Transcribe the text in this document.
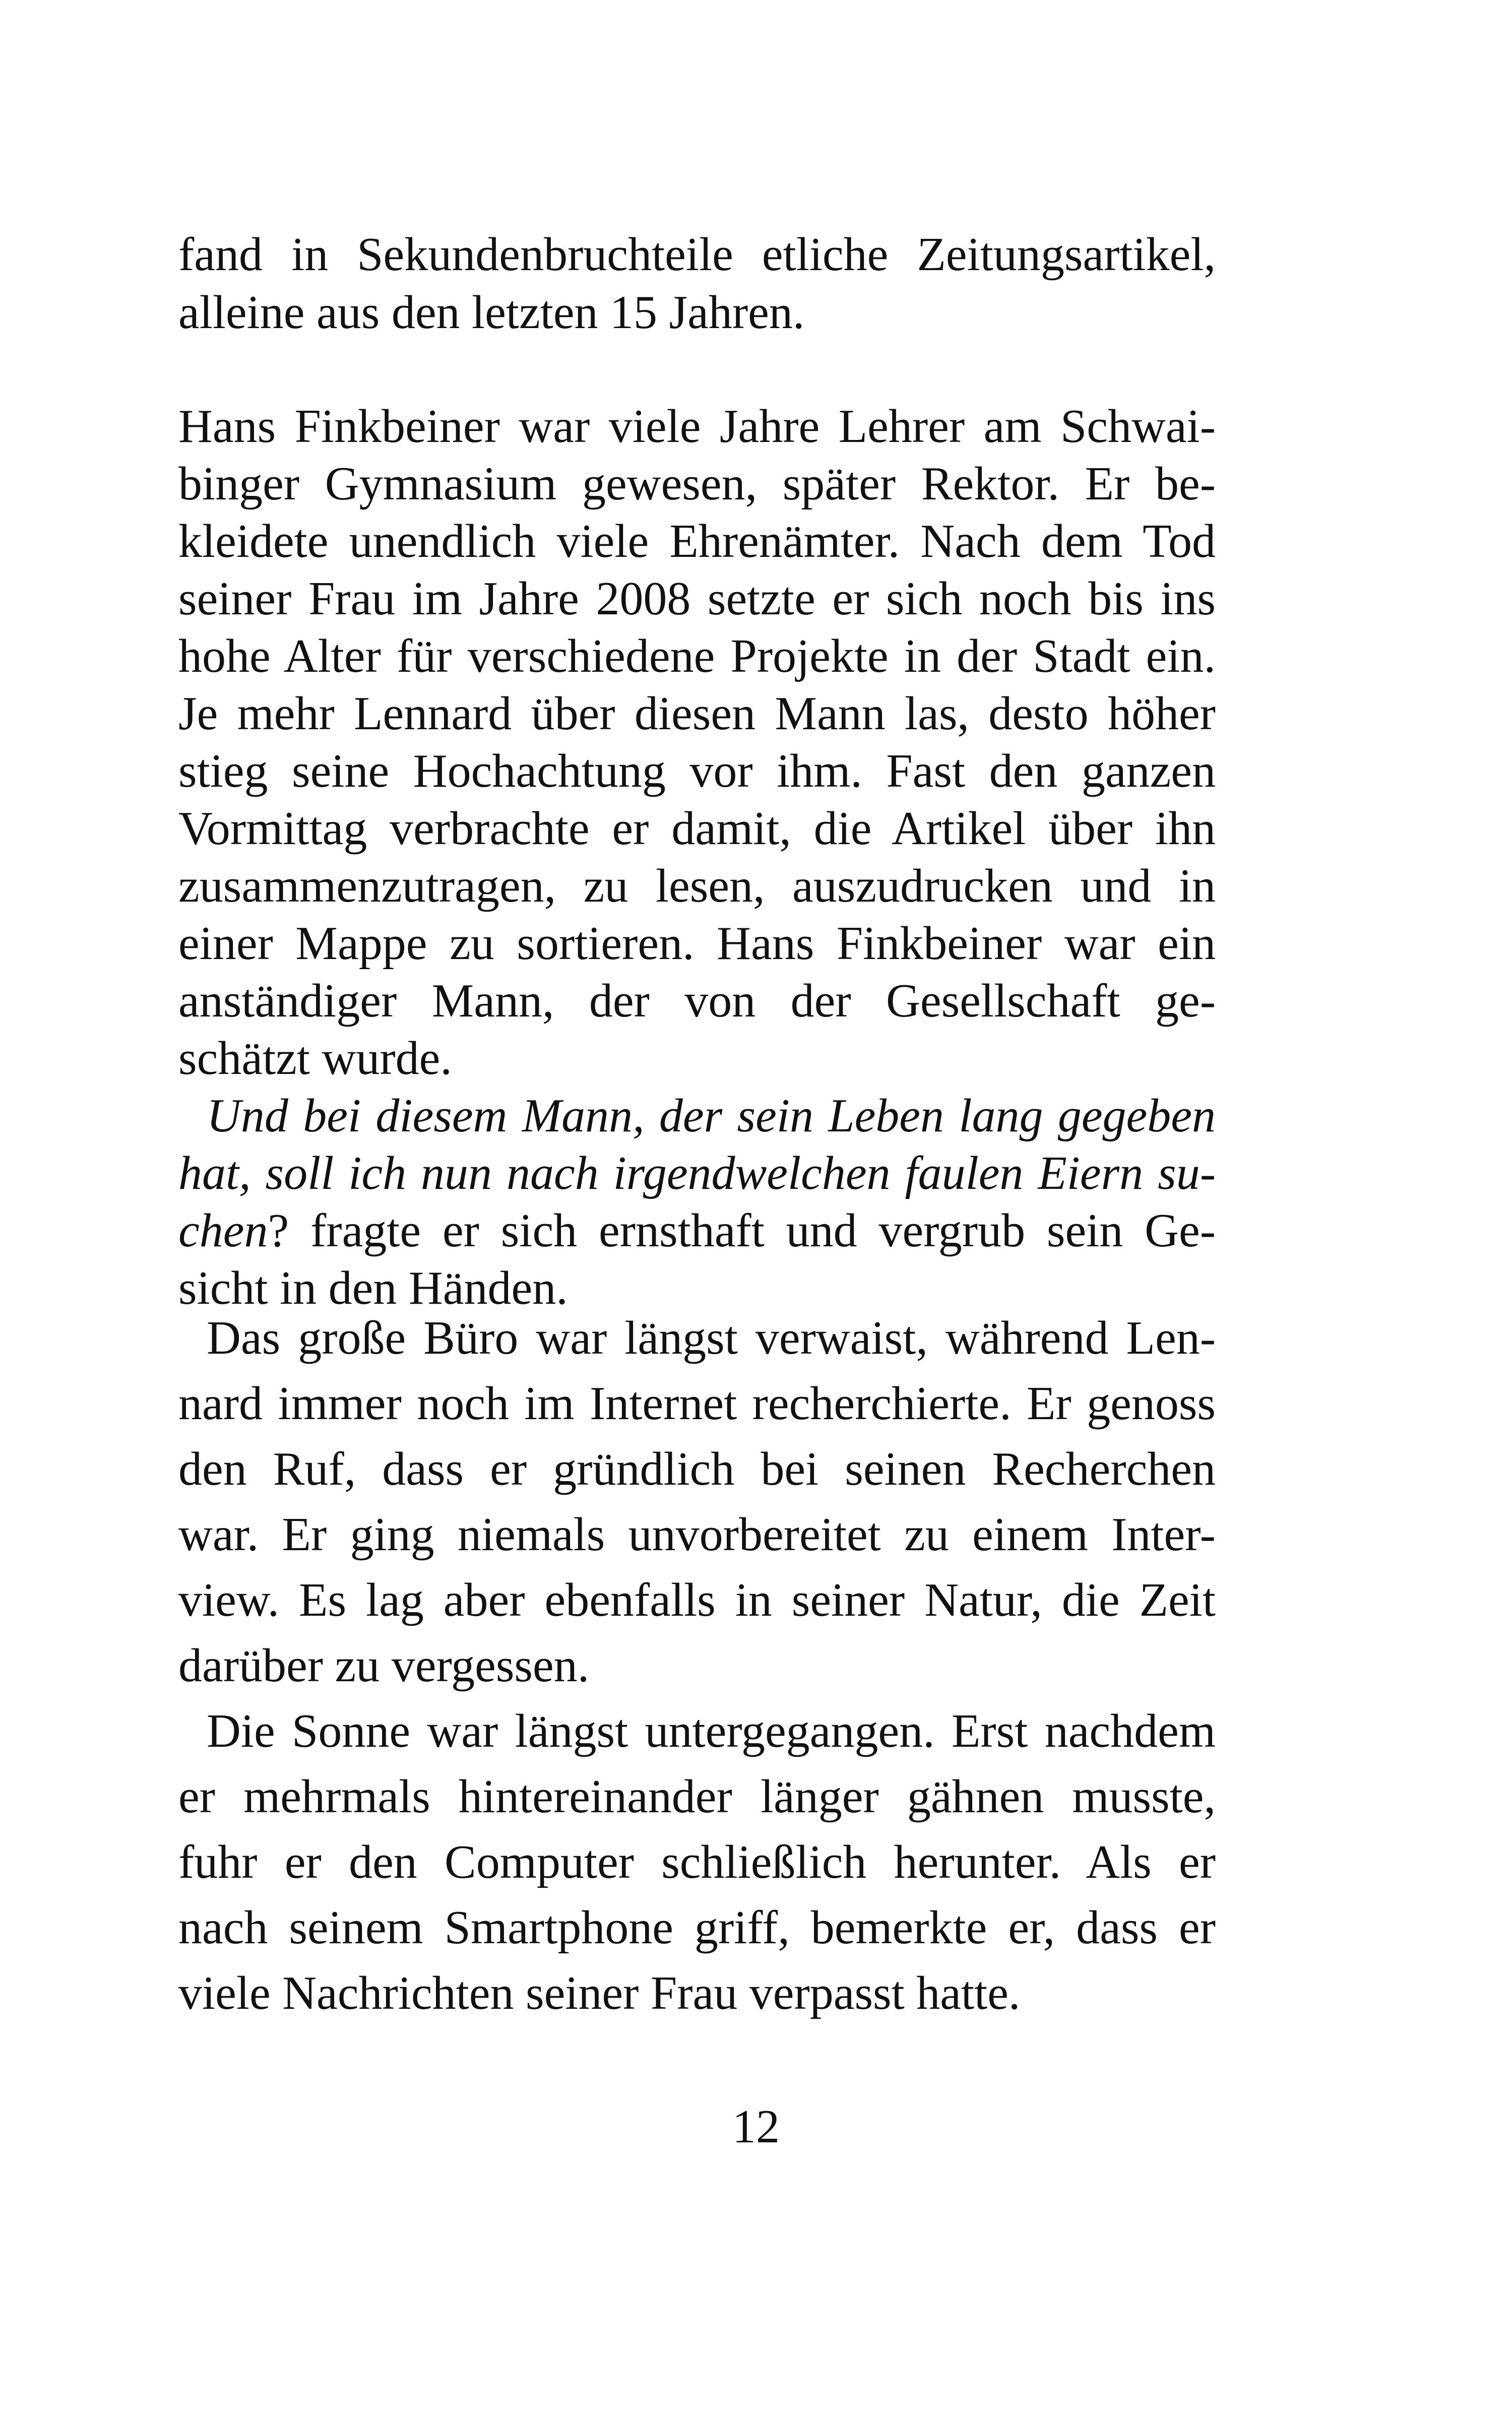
fand in Sekundenbruchteile etliche Zeitungsartikel,
alleine aus den letzten 15 Jahren.
Hans Finkbeiner war viele Jahre Lehrer am Schwai-
binger Gymnasium gewesen, später Rektor. Er be-
kleidete unendlich viele Ehrenämter. Nach dem Tod
seiner Frau im Jahre 2008 setzte er sich noch bis ins
hohe Alter für verschiedene Projekte in der Stadt ein.
Je mehr Lennard über diesen Mann las, desto höher
stieg seine Hochachtung vor ihm. Fast den ganzen
Vormittag verbrachte er damit, die Artikel über ihn
zusammenzutragen, zu lesen, auszudrucken und in
einer Mappe zu sortieren. Hans Finkbeiner war ein
anständiger Mann, der von der Gesellschaft ge-
schätzt wurde.
Und bei diesem Mann, der sein Leben lang gegeben
hat, soll ich nun nach irgendwelchen faulen Eiern su-
chen? fragte er sich ernsthaft und vergrub sein Ge-
sicht in den Händen.
Das große Büro war längst verwaist, während Len-
nard immer noch im Internet recherchierte. Er genoss
den Ruf, dass er gründlich bei seinen Recherchen
war. Er ging niemals unvorbereitet zu einem Inter-
view. Es lag aber ebenfalls in seiner Natur, die Zeit
darüber zu vergessen.
Die Sonne war längst untergegangen. Erst nachdem
er mehrmals hintereinander länger gähnen musste,
fuhr er den Computer schließlich herunter. Als er
nach seinem Smartphone griff, bemerkte er, dass er
viele Nachrichten seiner Frau verpasst hatte.
12
